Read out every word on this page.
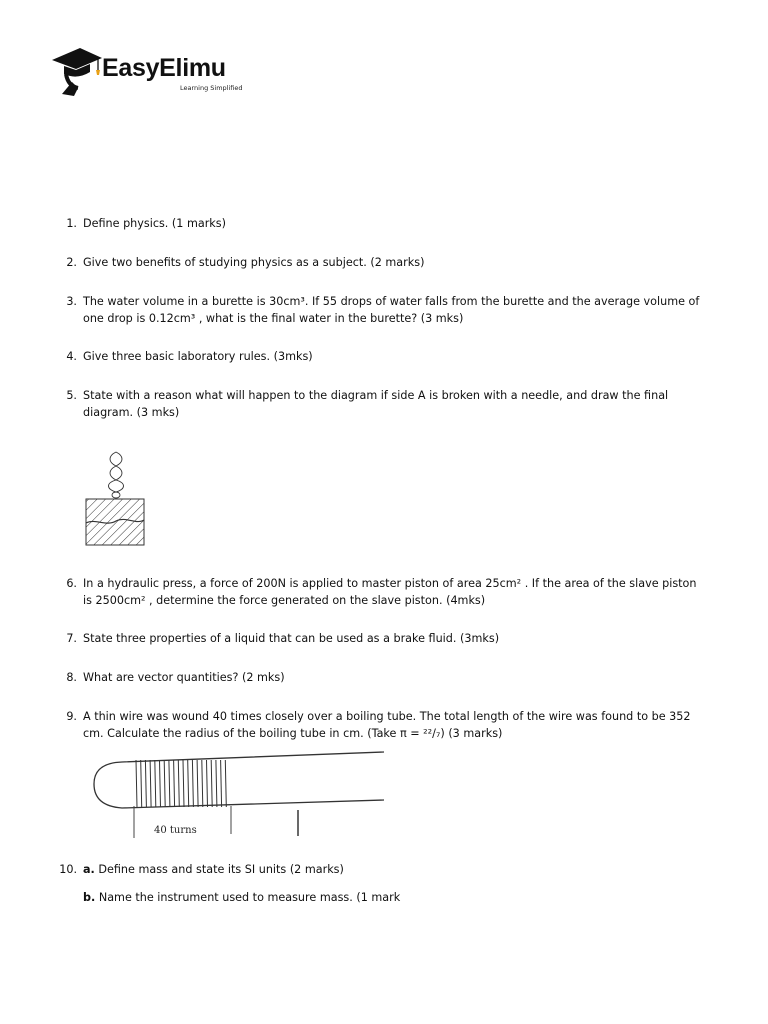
EasyElimu
Learning Simplified
1. Define physics. (1 marks)
2. Give two benefits of studying physics as a subject. (2 marks)
3. The water volume in a burette is 30cm³. If 55 drops of water falls from the burette and the average volume of
one drop is 0.12cm³ , what is the final water in the burette? (3 mks)
4. Give three basic laboratory rules. (3mks)
5. State with a reason what will happen to the diagram if side A is broken with a needle, and draw the final
diagram. (3 mks)
6. In a hydraulic press, a force of 200N is applied to master piston of area 25cm² . If the area of the slave piston
is 2500cm² , determine the force generated on the slave piston. (4mks)
7. State three properties of a liquid that can be used as a brake fluid. (3mks)
8. What are vector quantities? (2 mks)
9. A thin wire was wound 40 times closely over a boiling tube. The total length of the wire was found to be 352
cm. Calculate the radius of the boiling tube in cm. (Take π = ²²/₇) (3 marks)
40 turns
10. a. Define mass and state its SI units (2 marks)
b. Name the instrument used to measure mass. (1 mark
